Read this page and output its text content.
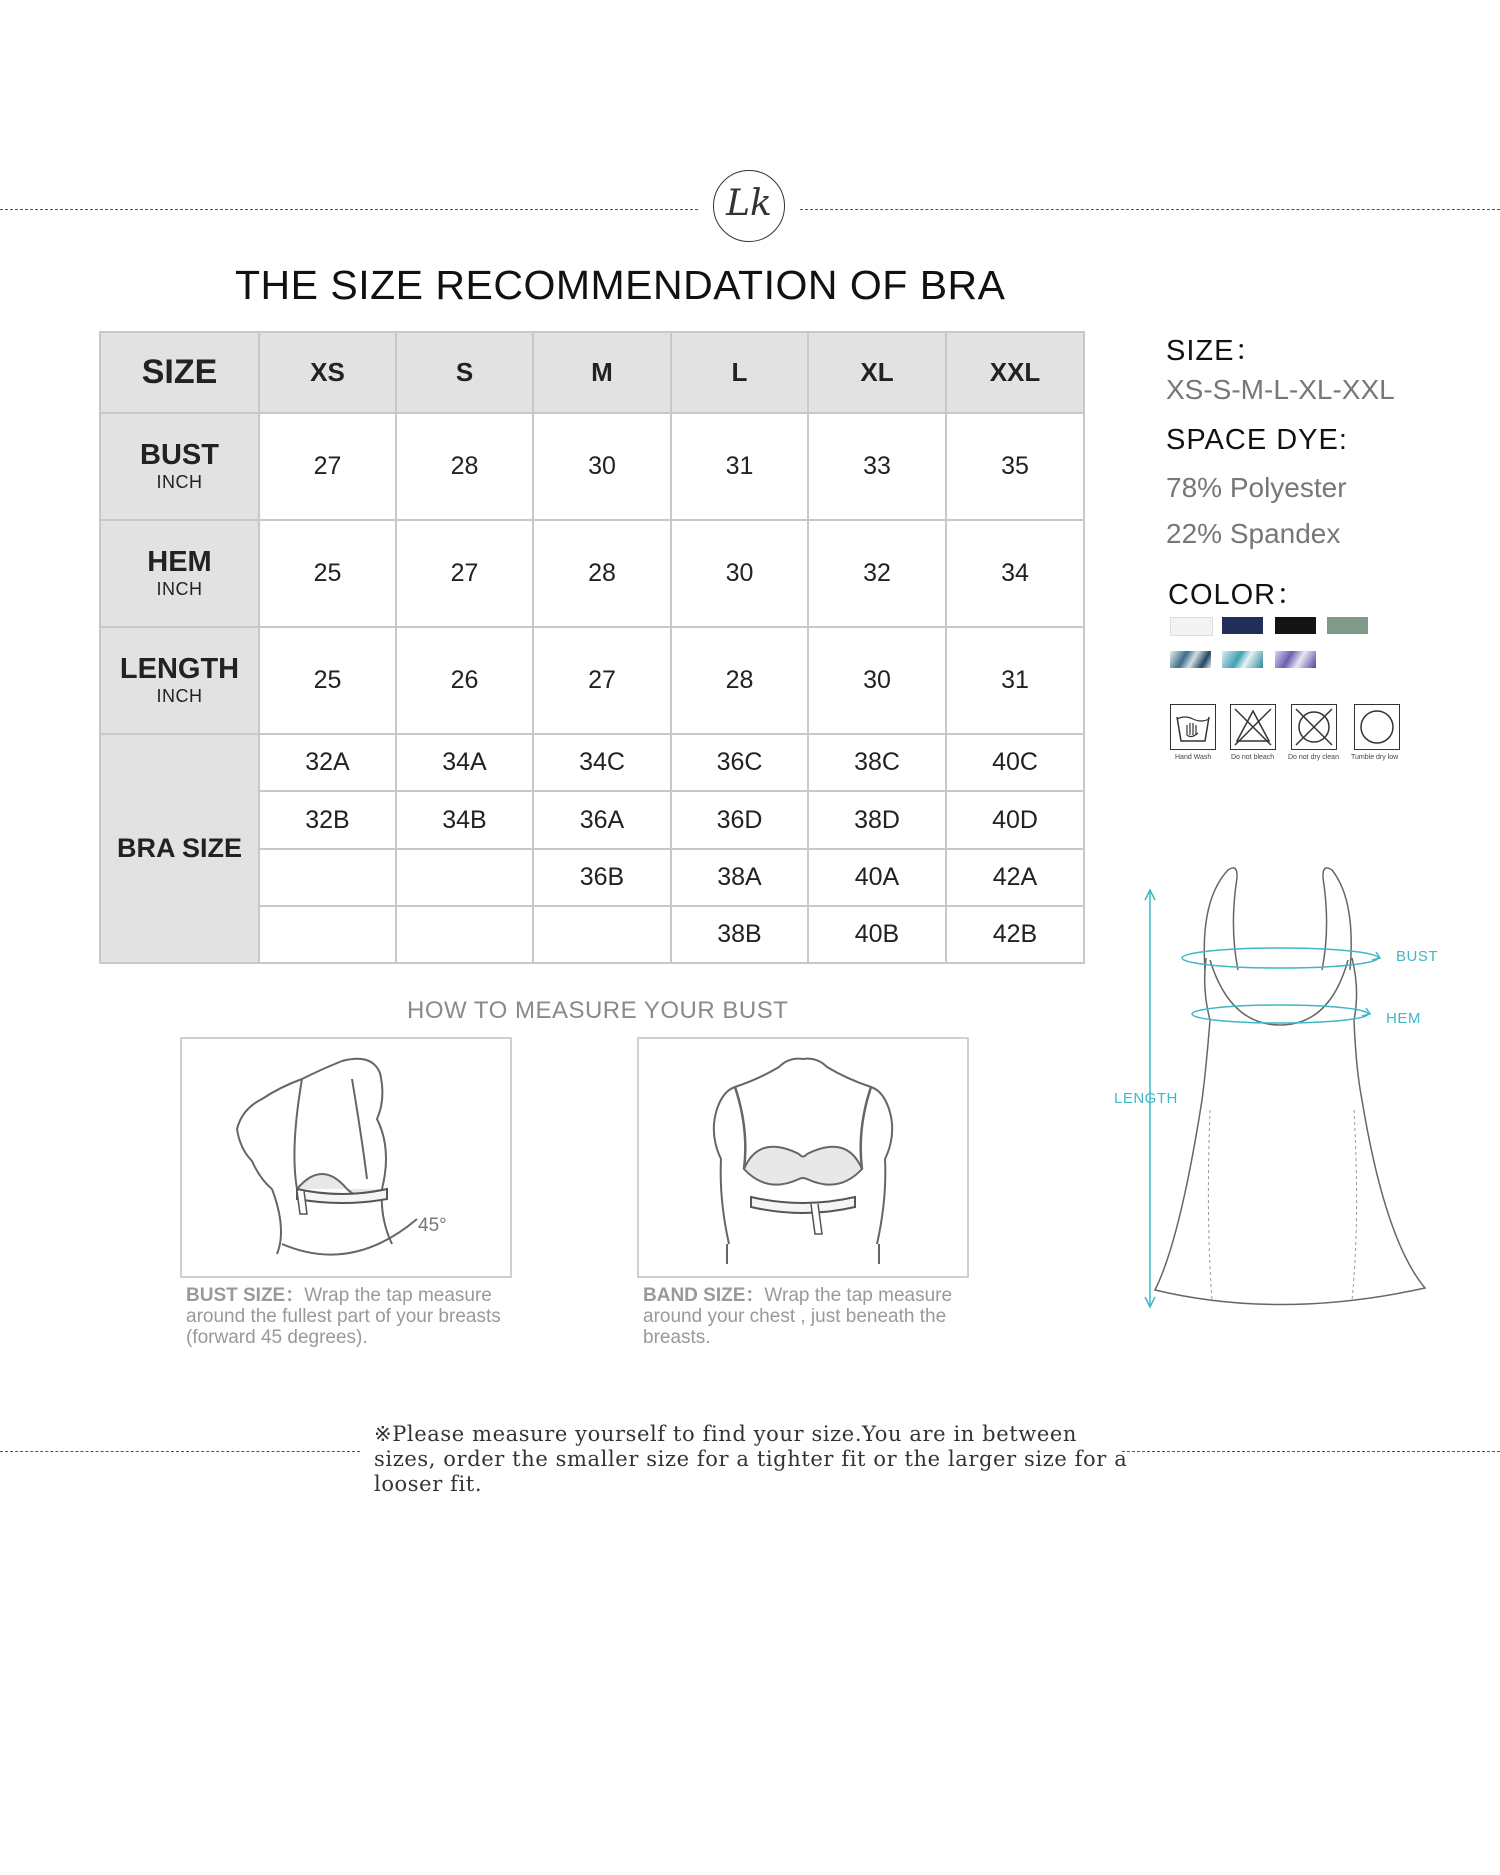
Lk
THE SIZE RECOMMENDATION OF BRA
SIZE	XS	S	M	L	XL	XXL

BUST
INCH	27	28	30	31	33	35

HEM
INCH	25	27	28	30	32	34

LENGTH
INCH	25	26	27	28	30	31

BRA SIZE	32A	34A	34C	36C	38C	40C
	32B	34B	36A	36D	38D	40D
			36B	38A	40A	42A
				38B	40B	42B
SIZE：
XS-S-M-L-XL-XXL
SPACE DYE:
78% Polyester
22% Spandex
COLOR：
Hand Wash	Do not bleach Do not dry clean Tumble dry low
HOW TO MEASURE YOUR BUST
45°
BUST SIZE：Wrap the tap measure around the fullest part of your breasts (forward 45 degrees).
BAND SIZE：Wrap the tap measure around your chest , just beneath the breasts.
BUST
HEM
LENGTH
※Please measure yourself to find your size.You are in between sizes, order the smaller size for a tighter fit or the larger size for a looser fit.
